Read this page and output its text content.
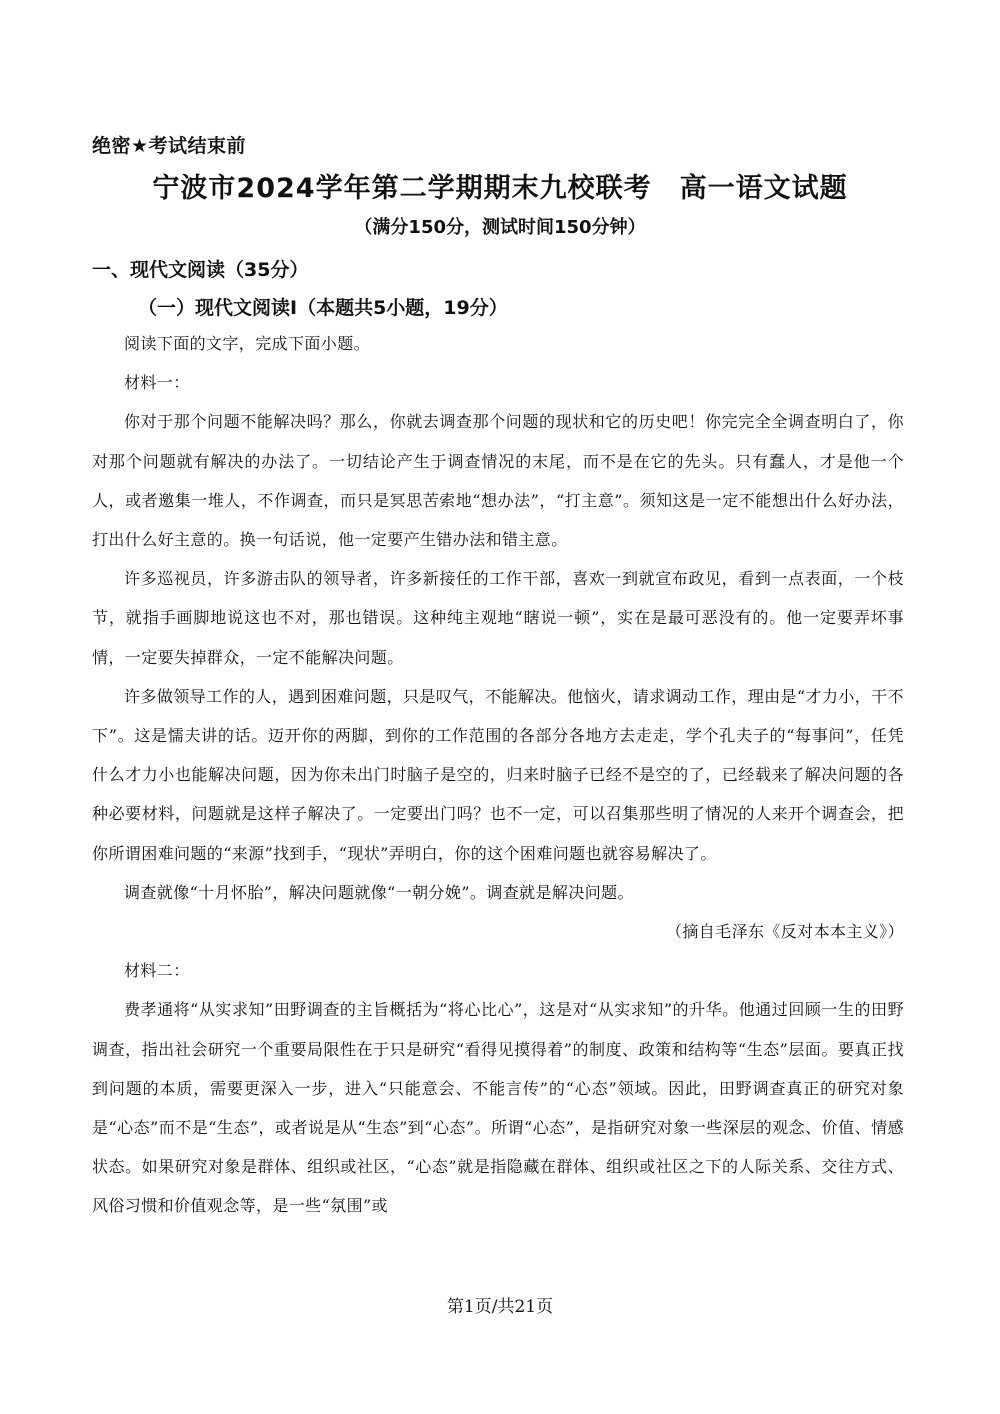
绝密★考试结束前
宁波市2024学年第二学期期末九校联考　高一语文试题
（满分150分，测试时间150分钟）
一、现代文阅读（35分）
（一）现代文阅读Ⅰ（本题共5小题，19分）

阅读下面的文字，完成下面小题。

材料一：

你对于那个问题不能解决吗？那么，你就去调查那个问题的现状和它的历史吧！你完完全全调查明白了，你对那个问题就有解决的办法了。一切结论产生于调查情况的末尾，而不是在它的先头。只有蠢人，才是他一个人，或者邀集一堆人，不作调查，而只是冥思苦索地“想办法”，“打主意”。须知这是一定不能想出什么好办法，打出什么好主意的。换一句话说，他一定要产生错办法和错主意。

许多巡视员，许多游击队的领导者，许多新接任的工作干部，喜欢一到就宣布政见，看到一点表面，一个枝节，就指手画脚地说这也不对，那也错误。这种纯主观地“瞎说一顿”，实在是最可恶没有的。他一定要弄坏事情，一定要失掉群众，一定不能解决问题。

许多做领导工作的人，遇到困难问题，只是叹气，不能解决。他恼火，请求调动工作，理由是“才力小，干不下”。这是懦夫讲的话。迈开你的两脚，到你的工作范围的各部分各地方去走走，学个孔夫子的“每事问”，任凭什么才力小也能解决问题，因为你未出门时脑子是空的，归来时脑子已经不是空的了，已经载来了解决问题的各种必要材料，问题就是这样子解决了。一定要出门吗？也不一定，可以召集那些明了情况的人来开个调查会，把你所谓困难问题的“来源”找到手，“现状”弄明白，你的这个困难问题也就容易解决了。

调查就像“十月怀胎”，解决问题就像“一朝分娩”。调查就是解决问题。

（摘自毛泽东《反对本本主义》）

材料二：

费孝通将“从实求知”田野调查的主旨概括为“将心比心”，这是对“从实求知”的升华。他通过回顾一生的田野调查，指出社会研究一个重要局限性在于只是研究“看得见摸得着”的制度、政策和结构等“生态”层面。要真正找到问题的本质，需要更深入一步，进入“只能意会、不能言传”的“心态”领域。因此，田野调查真正的研究对象是“心态”而不是“生态”，或者说是从“生态”到“心态”。所谓“心态”，是指研究对象一些深层的观念、价值、情感状态。如果研究对象是群体、组织或社区，“心态”就是指隐藏在群体、组织或社区之下的人际关系、交往方式、风俗习惯和价值观念等，是一些“氛围”或

第1页/共21页
